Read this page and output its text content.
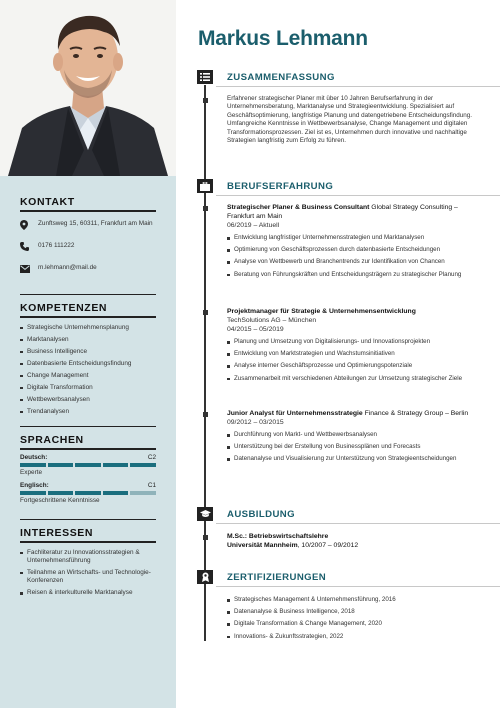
KONTAKT
Zunftsweg 15, 60311, Frankfurt am Main
0176 111222
m.lehmann@mail.de
KOMPETENZEN
Strategische Unternehmensplanung
Marktanalysen
Business Intelligence
Datenbasierte Entscheidungsfindung
Change Management
Digitale Transformation
Wettbewerbsanalysen
Trendanalysen
SPRACHEN
Deutsch:	C2
Experte
Englisch:	C1
Fortgeschrittene Kenntnisse
INTERESSEN
Fachliteratur zu Innovationsstrategien & Unternehmensführung
Teilnahme an Wirtschafts- und Technologie-Konferenzen
Reisen & interkulturelle Marktanalyse
Markus Lehmann
ZUSAMMENFASSUNG
Erfahrener strategischer Planer mit über 10 Jahren Berufserfahrung in der Unternehmensberatung, Marktanalyse und Strategieentwicklung. Spezialisiert auf Geschäftsoptimierung, langfristige Planung und datengetriebene Entscheidungsfindung. Umfangreiche Kenntnisse in Wettbewerbsanalyse, Change Management und digitalen Transformationsprozessen. Ziel ist es, Unternehmen durch innovative und nachhaltige Strategien langfristig zum Erfolg zu führen.
BERUFSERFAHRUNG
Strategischer Planer & Business Consultant Global Strategy Consulting – Frankfurt am Main
06/2019 – Aktuell
Entwicklung langfristiger Unternehmensstrategien und Marktanalysen
Optimierung von Geschäftsprozessen durch datenbasierte Entscheidungen
Analyse von Wettbewerb und Branchentrends zur Identifikation von Chancen
Beratung von Führungskräften und Entscheidungsträgern zu strategischer Planung
Projektmanager für Strategie & Unternehmensentwicklung
TechSolutions AG – München
04/2015 – 05/2019
Planung und Umsetzung von Digitalisierungs- und Innovationsprojekten
Entwicklung von Marktstrategien und Wachstumsinitiativen
Analyse interner Geschäftsprozesse und Optimierungspotenziale
Zusammenarbeit mit verschiedenen Abteilungen zur Umsetzung strategischer Ziele
Junior Analyst für Unternehmensstrategie Finance & Strategy Group – Berlin
09/2012 – 03/2015
Durchführung von Markt- und Wettbewerbsanalysen
Unterstützung bei der Erstellung von Businessplänen und Forecasts
Datenanalyse und Visualisierung zur Unterstützung von Strategieentscheidungen
AUSBILDUNG
M.Sc.: Betriebswirtschaftslehre
Universität Mannheim, 10/2007 – 09/2012
ZERTIFIZIERUNGEN
Strategisches Management & Unternehmensführung, 2016
Datenanalyse & Business Intelligence, 2018
Digitale Transformation & Change Management, 2020
Innovations- & Zukunftsstrategien, 2022
